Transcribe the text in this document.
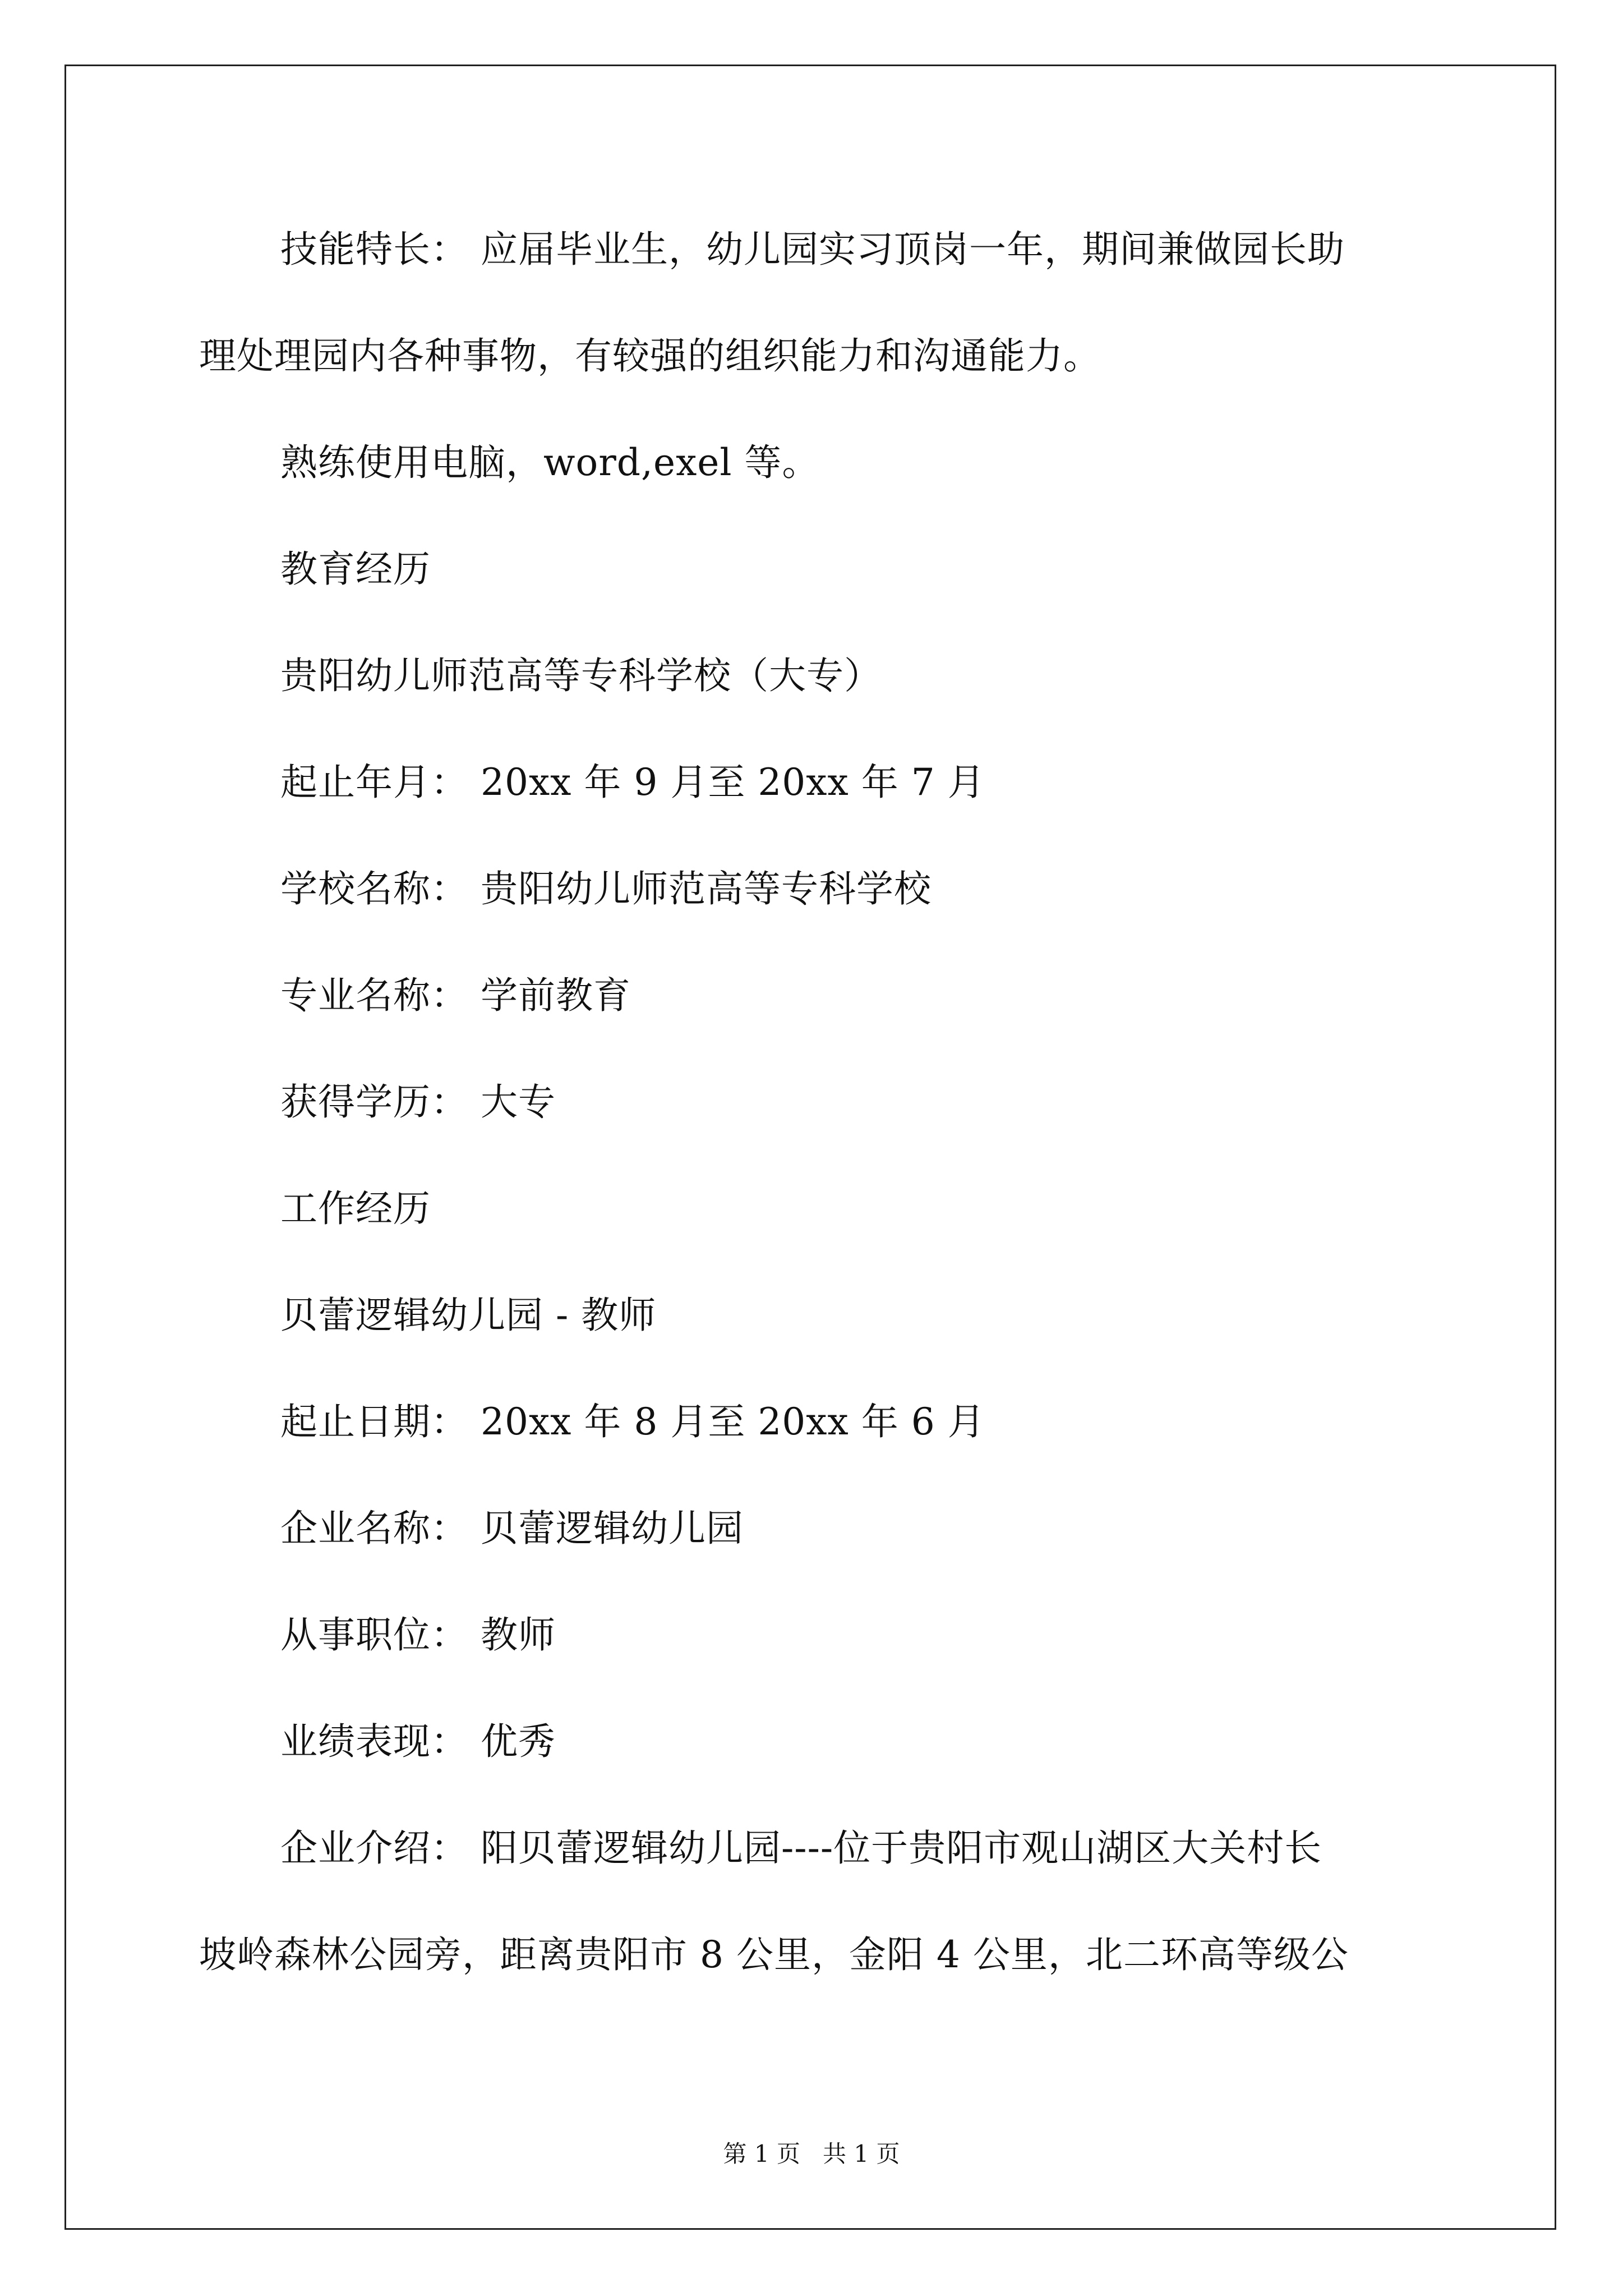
技能特长： 应届毕业生，幼儿园实习顶岗一年，期间兼做园长助
理处理园内各种事物，有较强的组织能力和沟通能力。
熟练使用电脑，word,exel 等。
教育经历
贵阳幼儿师范高等专科学校（大专）
起止年月： 20xx 年 9 月至 20xx 年 7 月
学校名称： 贵阳幼儿师范高等专科学校
专业名称： 学前教育
获得学历： 大专
工作经历
贝蕾逻辑幼儿园 - 教师
起止日期： 20xx 年 8 月至 20xx 年 6 月
企业名称： 贝蕾逻辑幼儿园
从事职位： 教师
业绩表现： 优秀
企业介绍： 阳贝蕾逻辑幼儿园----位于贵阳市观山湖区大关村长
坡岭森林公园旁，距离贵阳市 8 公里，金阳 4 公里，北二环高等级公
第 1 页   共 1 页
